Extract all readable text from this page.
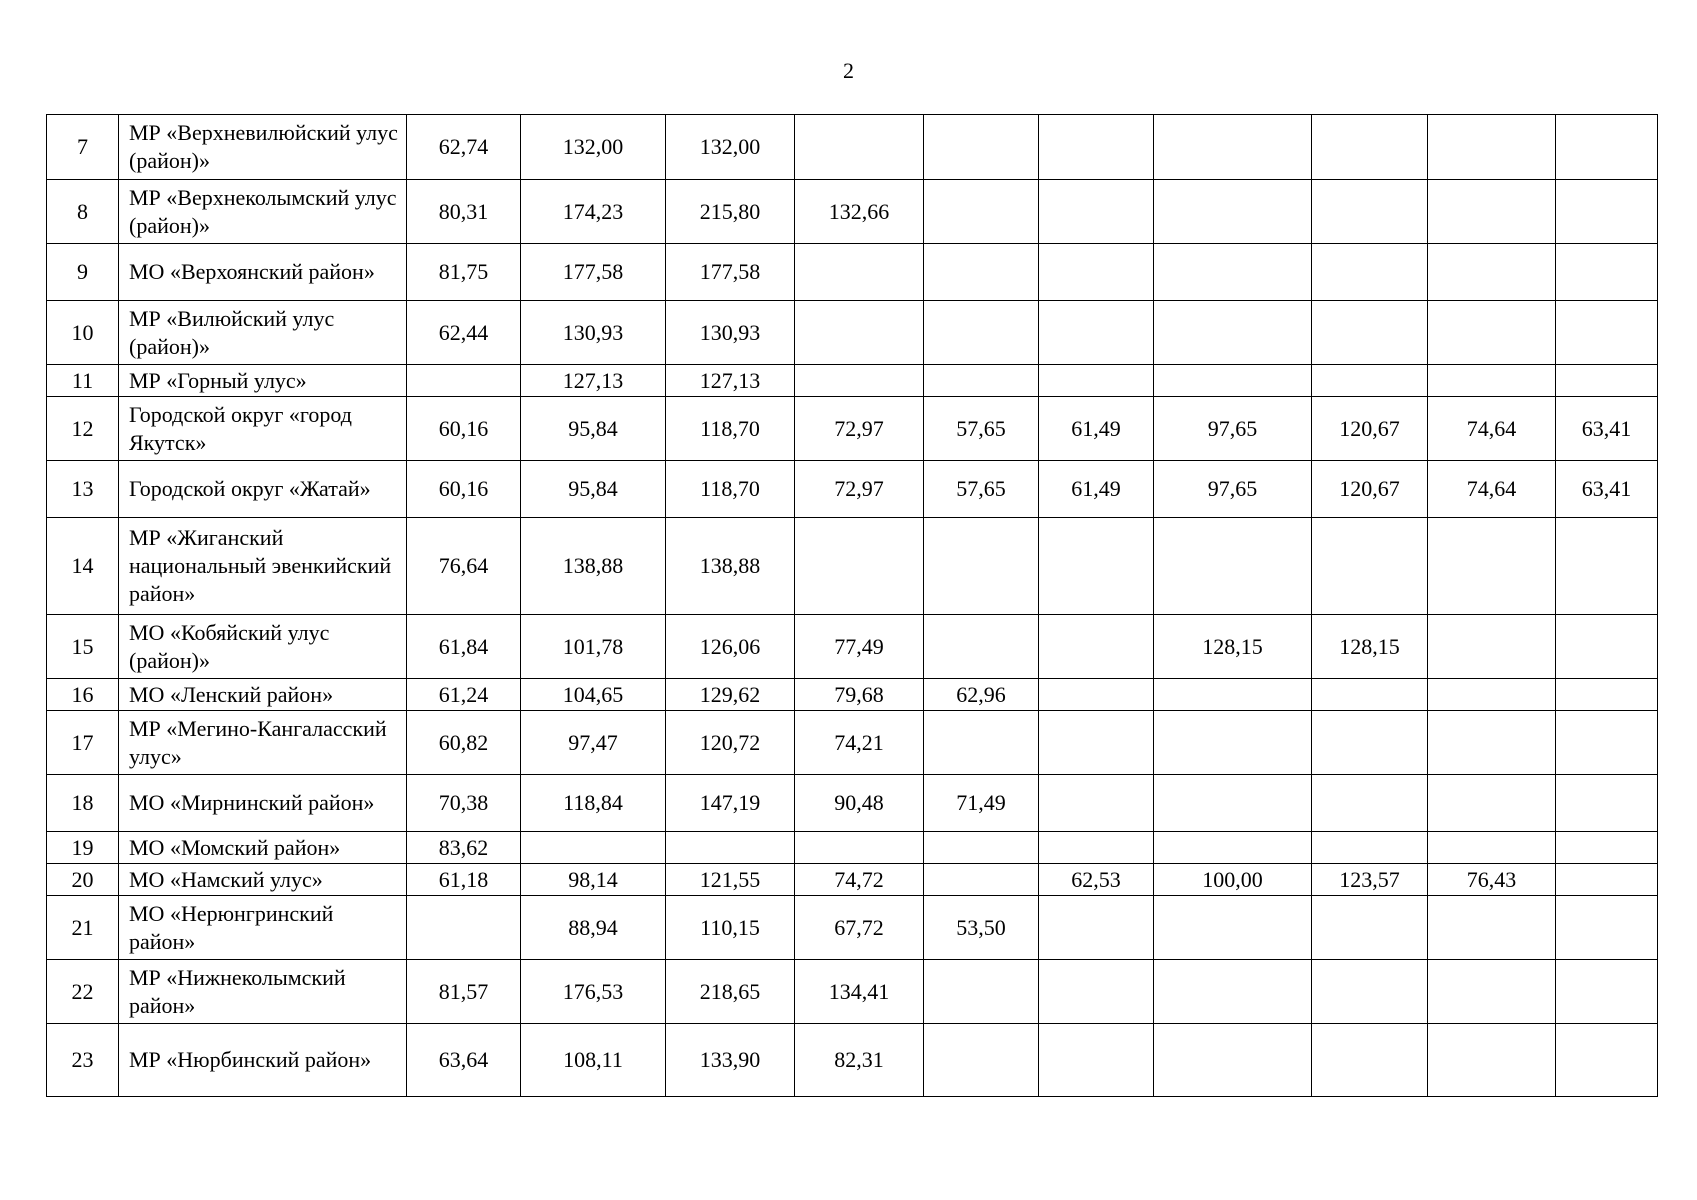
2
7	МР «Верхневилюйский улус (район)»	62,74	132,00	132,00							
8	МР «Верхнеколымский улус (район)»	80,31	174,23	215,80	132,66						
9	МО «Верхоянский район»	81,75	177,58	177,58							
10	МР «Вилюйский улус (район)»	62,44	130,93	130,93							
11	МР «Горный улус»		127,13	127,13							
12	Городской округ «город Якутск»	60,16	95,84	118,70	72,97	57,65	61,49	97,65	120,67	74,64	63,41
13	Городской округ «Жатай»	60,16	95,84	118,70	72,97	57,65	61,49	97,65	120,67	74,64	63,41
14	МР «Жиганский национальный эвенкийский район»	76,64	138,88	138,88							
15	МО «Кобяйский улус (район)»	61,84	101,78	126,06	77,49			128,15	128,15		
16	МО «Ленский район»	61,24	104,65	129,62	79,68	62,96					
17	МР «Мегино-Кангаласский улус»	60,82	97,47	120,72	74,21						
18	МО «Мирнинский район»	70,38	118,84	147,19	90,48	71,49					
19	МО «Момский район»	83,62									
20	МО «Намский улус»	61,18	98,14	121,55	74,72		62,53	100,00	123,57	76,43	
21	МО «Нерюнгринский район»		88,94	110,15	67,72	53,50					
22	МР «Нижнеколымский район»	81,57	176,53	218,65	134,41						
23	МР «Нюрбинский район»	63,64	108,11	133,90	82,31						
